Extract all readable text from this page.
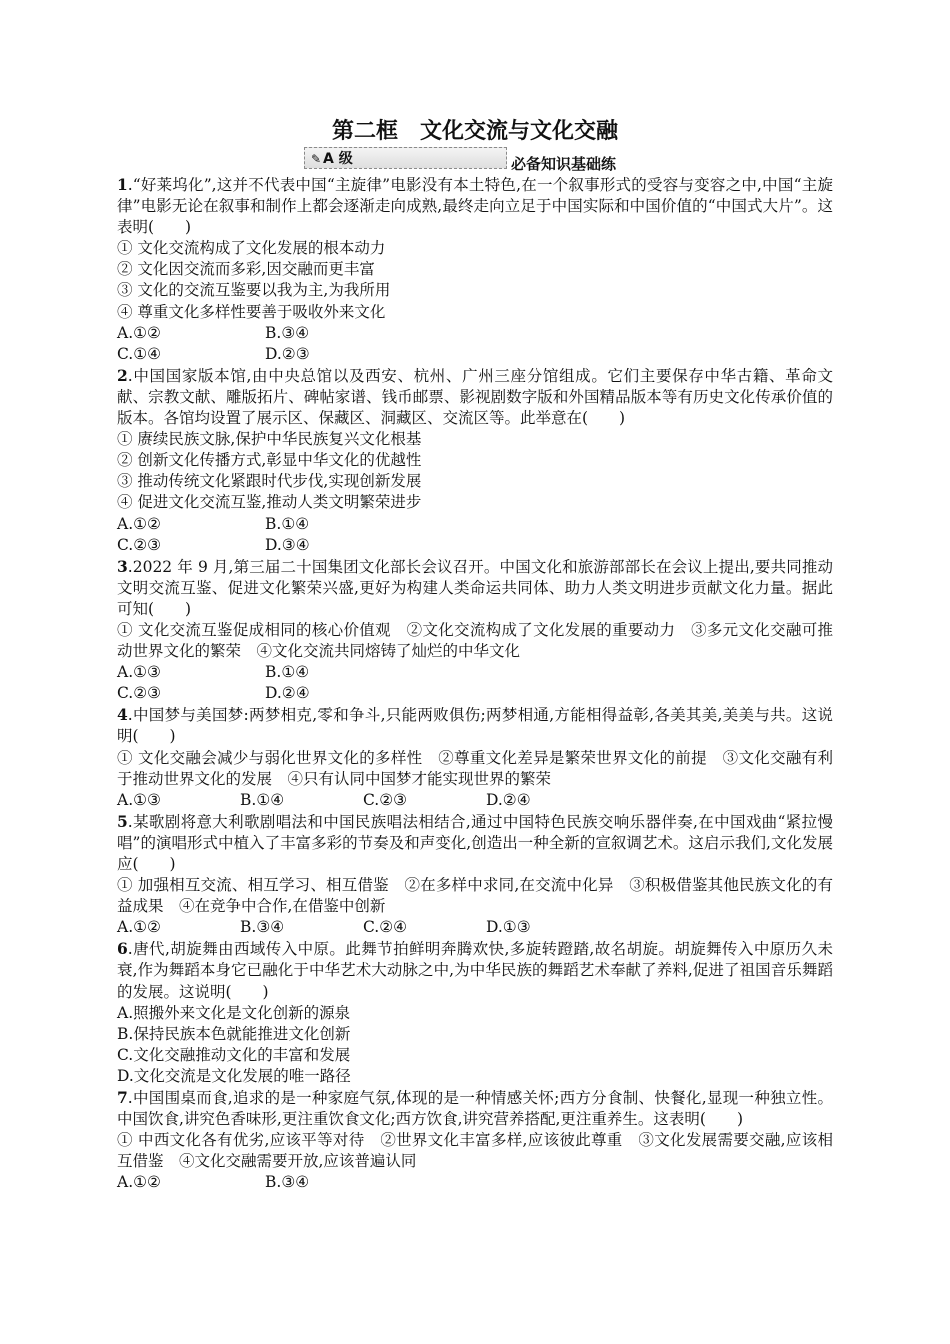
第二框　文化交流与文化交融
✎ A 级	必备知识基础练

1.“好莱坞化”,这并不代表中国“主旋律”电影没有本土特色,在一个叙事形式的受容与变容之中,中国“主旋律”电影无论在叙事和制作上都会逐渐走向成熟,最终走向立足于中国实际和中国价值的“中国式大片”。这表明(　　)

① 文化交流构成了文化发展的根本动力

② 文化因交流而多彩,因交融而更丰富

③ 文化的交流互鉴要以我为主,为我所用

④ 尊重文化多样性要善于吸收外来文化

A.①②	B.③④
C.①④	D.②③

2.中国国家版本馆,由中央总馆以及西安、杭州、广州三座分馆组成。它们主要保存中华古籍、革命文献、宗教文献、雕版拓片、碑帖家谱、钱币邮票、影视剧数字版和外国精品版本等有历史文化传承价值的版本。各馆均设置了展示区、保藏区、洞藏区、交流区等。此举意在(　　)

① 赓续民族文脉,保护中华民族复兴文化根基

② 创新文化传播方式,彰显中华文化的优越性

③ 推动传统文化紧跟时代步伐,实现创新发展

④ 促进文化交流互鉴,推动人类文明繁荣进步

A.①②	B.①④
C.②③	D.③④

3.2022 年 9 月,第三届二十国集团文化部长会议召开。中国文化和旅游部部长在会议上提出,要共同推动文明交流互鉴、促进文化繁荣兴盛,更好为构建人类命运共同体、助力人类文明进步贡献文化力量。据此可知(　　)

① 文化交流互鉴促成相同的核心价值观　②文化交流构成了文化发展的重要动力　③多元文化交融可推动世界文化的繁荣　④文化交流共同熔铸了灿烂的中华文化

A.①③	B.①④
C.②③	D.②④

4.中国梦与美国梦:两梦相克,零和争斗,只能两败俱伤;两梦相通,方能相得益彰,各美其美,美美与共。这说明(　　)

① 文化交融会减少与弱化世界文化的多样性　②尊重文化差异是繁荣世界文化的前提　③文化交融有利于推动世界文化的发展　④只有认同中国梦才能实现世界的繁荣

A.①③	B.①④	C.②③	D.②④

5.某歌剧将意大利歌剧唱法和中国民族唱法相结合,通过中国特色民族交响乐器伴奏,在中国戏曲“紧拉慢唱”的演唱形式中植入了丰富多彩的节奏及和声变化,创造出一种全新的宣叙调艺术。这启示我们,文化发展应(　　)

① 加强相互交流、相互学习、相互借鉴　②在多样中求同,在交流中化异　③积极借鉴其他民族文化的有益成果　④在竞争中合作,在借鉴中创新

A.①②	B.③④	C.②④	D.①③

6.唐代,胡旋舞由西域传入中原。此舞节拍鲜明奔腾欢快,多旋转蹬踏,故名胡旋。胡旋舞传入中原历久未衰,作为舞蹈本身它已融化于中华艺术大动脉之中,为中华民族的舞蹈艺术奉献了养料,促进了祖国音乐舞蹈的发展。这说明(　　)

A.照搬外来文化是文化创新的源泉

B.保持民族本色就能推进文化创新

C.文化交融推动文化的丰富和发展

D.文化交流是文化发展的唯一路径

7.中国围桌而食,追求的是一种家庭气氛,体现的是一种情感关怀;西方分食制、快餐化,显现一种独立性。中国饮食,讲究色香味形,更注重饮食文化;西方饮食,讲究营养搭配,更注重养生。这表明(　　)

① 中西文化各有优劣,应该平等对待　②世界文化丰富多样,应该彼此尊重　③文化发展需要交融,应该相互借鉴　④文化交融需要开放,应该普遍认同

A.①②	B.③④
